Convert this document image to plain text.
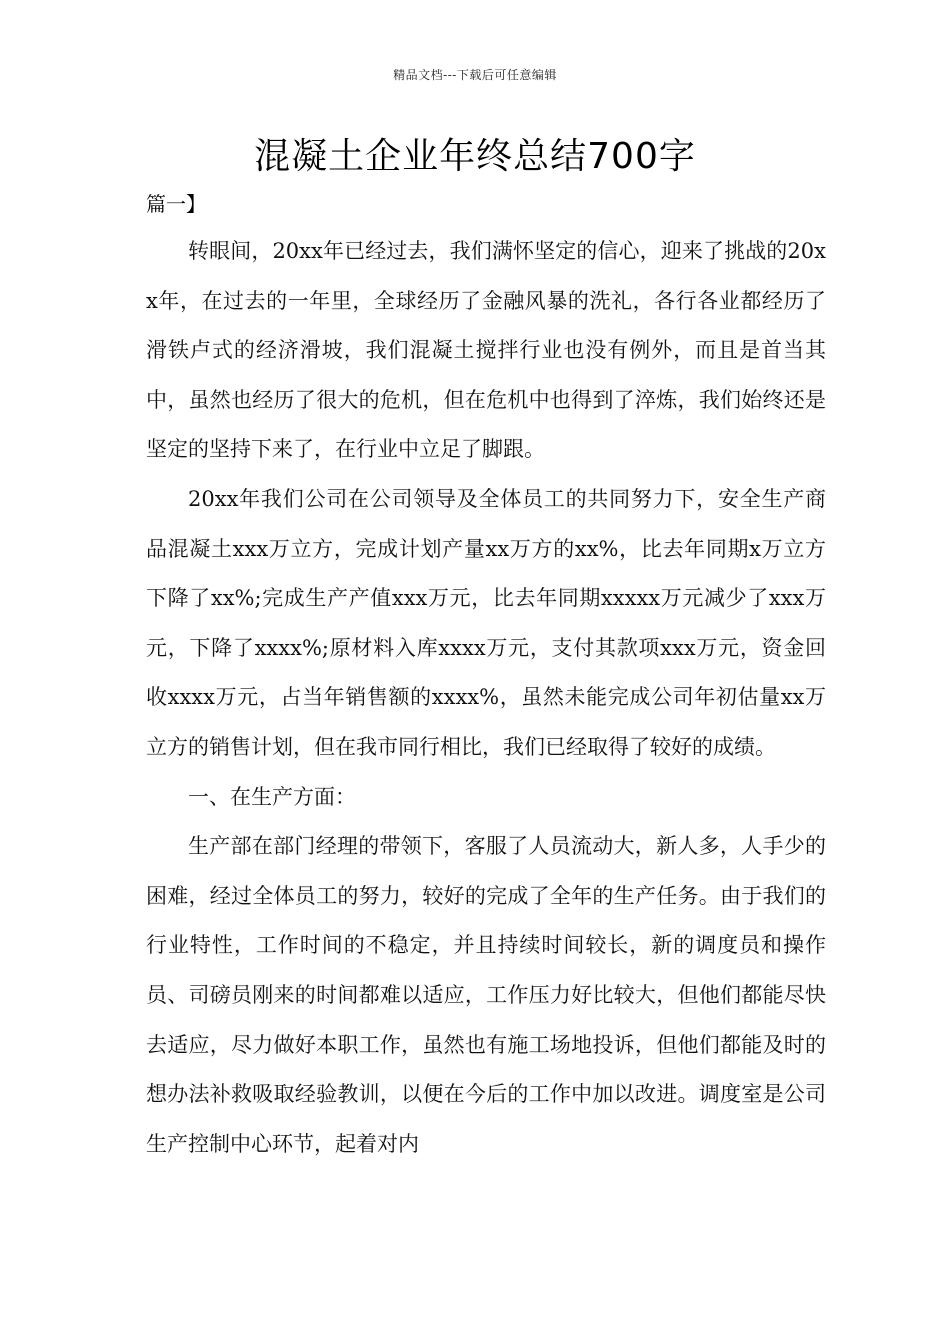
精品文档---下载后可任意编辑
混凝土企业年终总结700字
篇一】

转眼间，20xx年已经过去，我们满怀坚定的信心，迎来了挑战的20xx年，在过去的一年里，全球经历了金融风暴的洗礼，各行各业都经历了滑铁卢式的经济滑坡，我们混凝土搅拌行业也没有例外，而且是首当其中，虽然也经历了很大的危机，但在危机中也得到了淬炼，我们始终还是坚定的坚持下来了，在行业中立足了脚跟。

20xx年我们公司在公司领导及全体员工的共同努力下，安全生产商品混凝土xxx万立方，完成计划产量xx万方的xx%，比去年同期x万立方下降了xx%;完成生产产值xxx万元，比去年同期xxxxx万元减少了xxx万元，下降了xxxx%;原材料入库xxxx万元，支付其款项xxx万元，资金回收xxxx万元，占当年销售额的xxxx%，虽然未能完成公司年初估量xx万立方的销售计划，但在我市同行相比，我们已经取得了较好的成绩。

一、在生产方面：

生产部在部门经理的带领下，客服了人员流动大，新人多，人手少的困难，经过全体员工的努力，较好的完成了全年的生产任务。由于我们的行业特性，工作时间的不稳定，并且持续时间较长，新的调度员和操作员、司磅员刚来的时间都难以适应，工作压力好比较大，但他们都能尽快去适应，尽力做好本职工作，虽然也有施工场地投诉，但他们都能及时的想办法补救吸取经验教训，以便在今后的工作中加以改进。调度室是公司生产控制中心环节，起着对内
